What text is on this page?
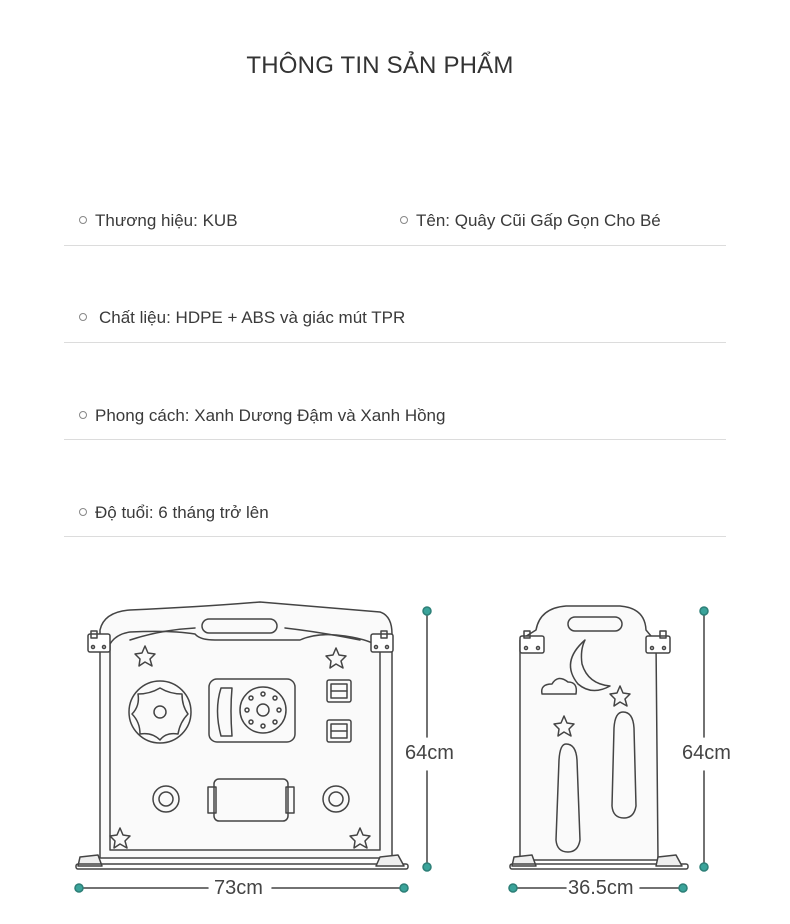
THÔNG TIN SẢN PHẨM
Thương hiệu: KUB	Tên: Quây Cũi Gấp Gọn Cho Bé
Chất liệu: HDPE + ABS và giác mút TPR
Phong cách: Xanh Dương Đậm và Xanh Hồng
Độ tuổi: 6 tháng trở lên
64cm
73cm
64cm
36.5cm
